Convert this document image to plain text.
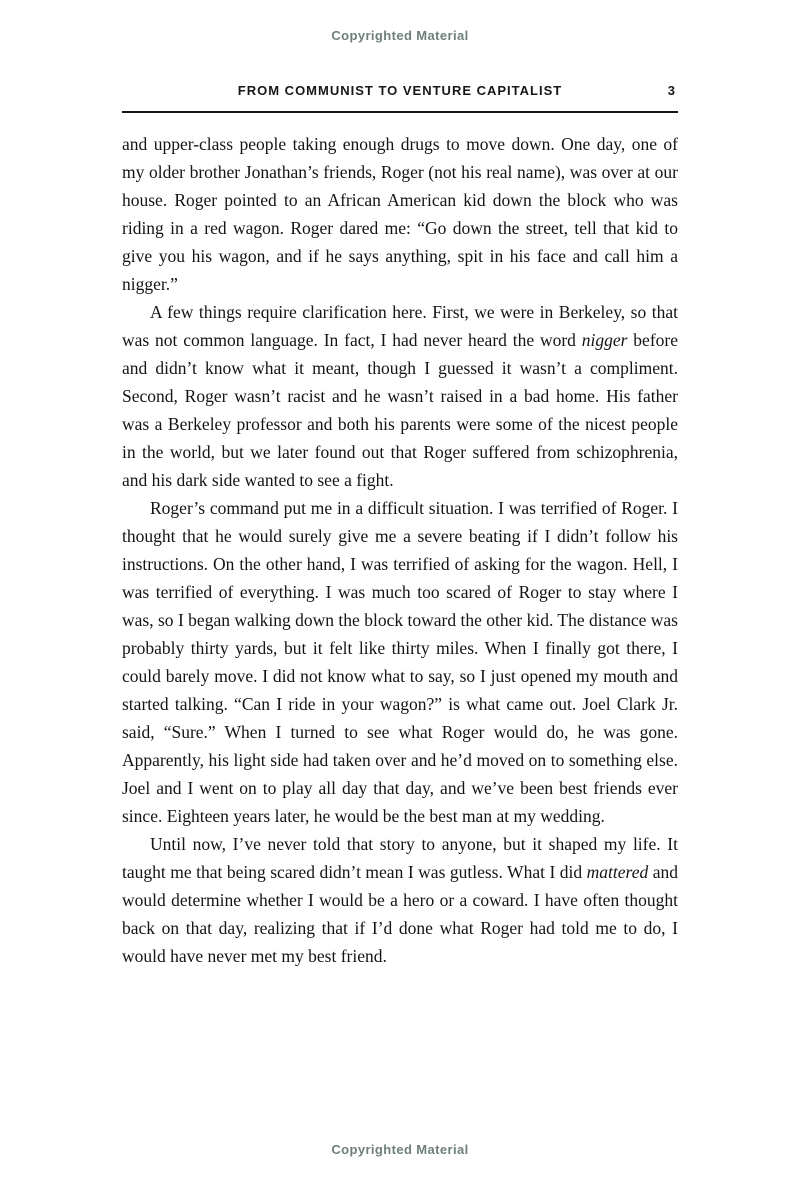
Copyrighted Material
FROM COMMUNIST TO VENTURE CAPITALIST	3

and upper-class people taking enough drugs to move down. One day, one of my older brother Jonathan’s friends, Roger (not his real name), was over at our house. Roger pointed to an African American kid down the block who was riding in a red wagon. Roger dared me: “Go down the street, tell that kid to give you his wagon, and if he says anything, spit in his face and call him a nigger.”

A few things require clarification here. First, we were in Berkeley, so that was not common language. In fact, I had never heard the word nigger before and didn’t know what it meant, though I guessed it wasn’t a compliment. Second, Roger wasn’t racist and he wasn’t raised in a bad home. His father was a Berkeley professor and both his parents were some of the nicest people in the world, but we later found out that Roger suffered from schizophrenia, and his dark side wanted to see a fight.

Roger’s command put me in a difficult situation. I was terrified of Roger. I thought that he would surely give me a severe beating if I didn’t follow his instructions. On the other hand, I was terrified of asking for the wagon. Hell, I was terrified of everything. I was much too scared of Roger to stay where I was, so I began walking down the block toward the other kid. The distance was probably thirty yards, but it felt like thirty miles. When I finally got there, I could barely move. I did not know what to say, so I just opened my mouth and started talking. “Can I ride in your wagon?” is what came out. Joel Clark Jr. said, “Sure.” When I turned to see what Roger would do, he was gone. Apparently, his light side had taken over and he’d moved on to something else. Joel and I went on to play all day that day, and we’ve been best friends ever since. Eighteen years later, he would be the best man at my wedding.

Until now, I’ve never told that story to anyone, but it shaped my life. It taught me that being scared didn’t mean I was gutless. What I did mattered and would determine whether I would be a hero or a coward. I have often thought back on that day, realizing that if I’d done what Roger had told me to do, I would have never met my best friend.

Copyrighted Material
